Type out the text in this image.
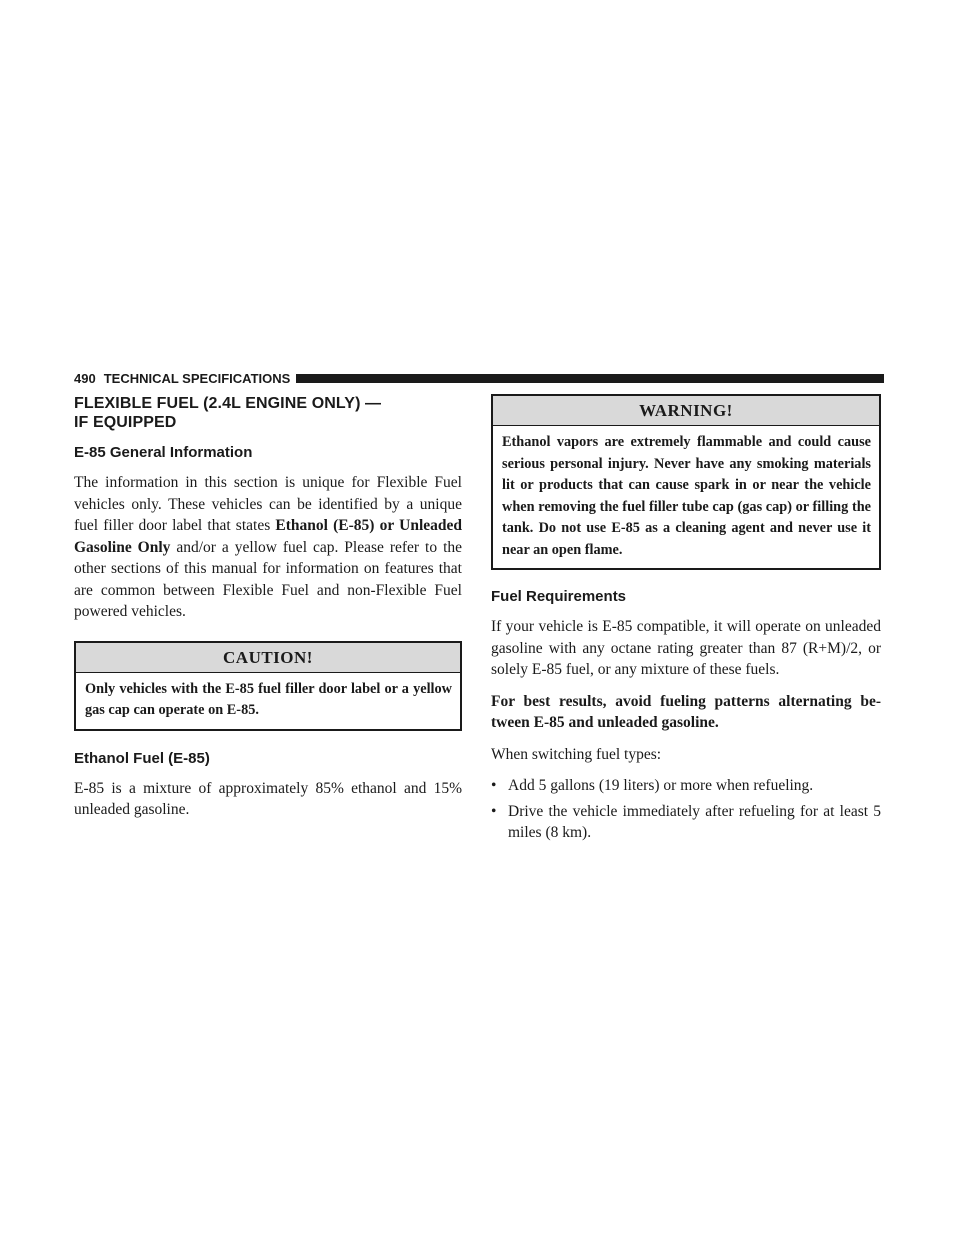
490 TECHNICAL SPECIFICATIONS
FLEXIBLE FUEL (2.4L ENGINE ONLY) —
IF EQUIPPED
E-85 General Information

The information in this section is unique for Flexible Fuel vehicles only. These vehicles can be identified by a unique fuel filler door label that states Ethanol (E-85) or Unleaded Gasoline Only and/or a yellow fuel cap. Please refer to the other sections of this manual for information on features that are common between Flexible Fuel and non-Flexible Fuel powered vehicles.

CAUTION!
Only vehicles with the E-85 fuel filler door label or a yellow gas cap can operate on E-85.
Ethanol Fuel (E-85)

E-85 is a mixture of approximately 85% ethanol and 15% unleaded gasoline.

WARNING!
Ethanol vapors are extremely flammable and could cause serious personal injury. Never have any smoking materials lit or products that can cause spark in or near the vehicle when removing the fuel filler tube cap (gas cap) or filling the tank. Do not use E-85 as a cleaning agent and never use it near an open flame.
Fuel Requirements

If your vehicle is E-85 compatible, it will operate on unleaded gasoline with any octane rating greater than 87 (R+M)/2, or solely E-85 fuel, or any mixture of these fuels.

For best results, avoid fueling patterns alternating be-tween E-85 and unleaded gasoline.

When switching fuel types:

• Add 5 gallons (19 liters) or more when refueling.
• Drive the vehicle immediately after refueling for at least 5 miles (8 km).
